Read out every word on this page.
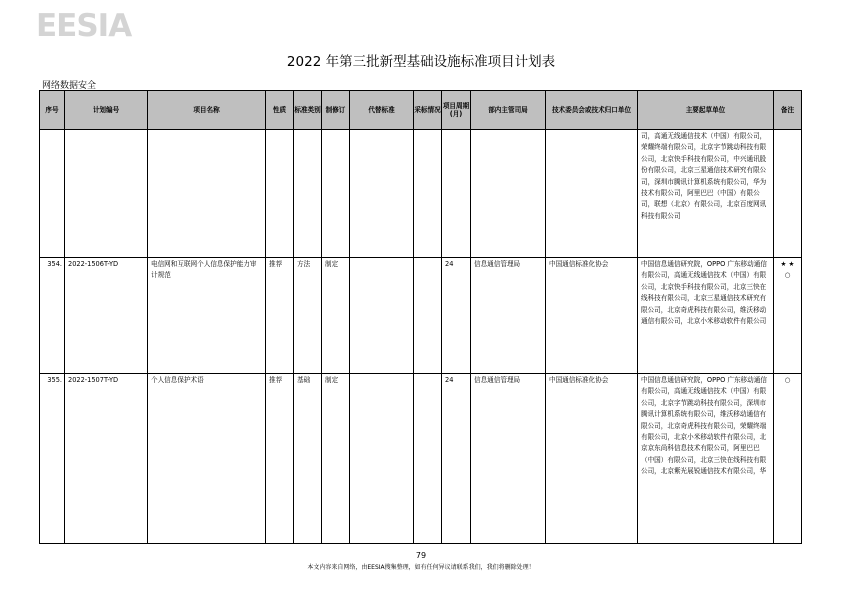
EESIA
2022 年第三批新型基础设施标准项目计划表
网络数据安全
序号	计划编号	项目名称	性质	标准类别	制修订	代替标准	采标情况	项目周期(月)	部内主管司局	技术委员会或技术归口单位	主要起草单位	备注
											司，高通无线通信技术（中国）有限公司，荣耀终端有限公司，北京字节跳动科技有限公司，北京快手科技有限公司，中兴通讯股份有限公司，北京三星通信技术研究有限公司，深圳市腾讯计算机系统有限公司，华为技术有限公司，阿里巴巴（中国）有限公司，联想（北京）有限公司，北京百度网讯科技有限公司	
354.	2022-1506T-YD	电信网和互联网个人信息保护能力审计规范	推荐	方法	制定			24	信息通信管理局	中国通信标准化协会	中国信息通信研究院，OPPO 广东移动通信有限公司，高通无线通信技术（中国）有限公司，北京快手科技有限公司，北京三快在线科技有限公司，北京三星通信技术研究有限公司，北京奇虎科技有限公司，维沃移动通信有限公司，北京小米移动软件有限公司	★ ★ ○
355.	2022-1507T-YD	个人信息保护术语	推荐	基础	制定			24	信息通信管理局	中国通信标准化协会	中国信息通信研究院，OPPO 广东移动通信有限公司，高通无线通信技术（中国）有限公司，北京字节跳动科技有限公司，深圳市腾讯计算机系统有限公司，维沃移动通信有限公司，北京奇虎科技有限公司，荣耀终端有限公司，北京小米移动软件有限公司，北京京东尚科信息技术有限公司，阿里巴巴（中国）有限公司，北京三快在线科技有限公司，北京紫光展锐通信技术有限公司，华	○
79
本文内容来自网络，由EESIA搜集整理，如有任何异议请联系我们，我们将删除处理！
